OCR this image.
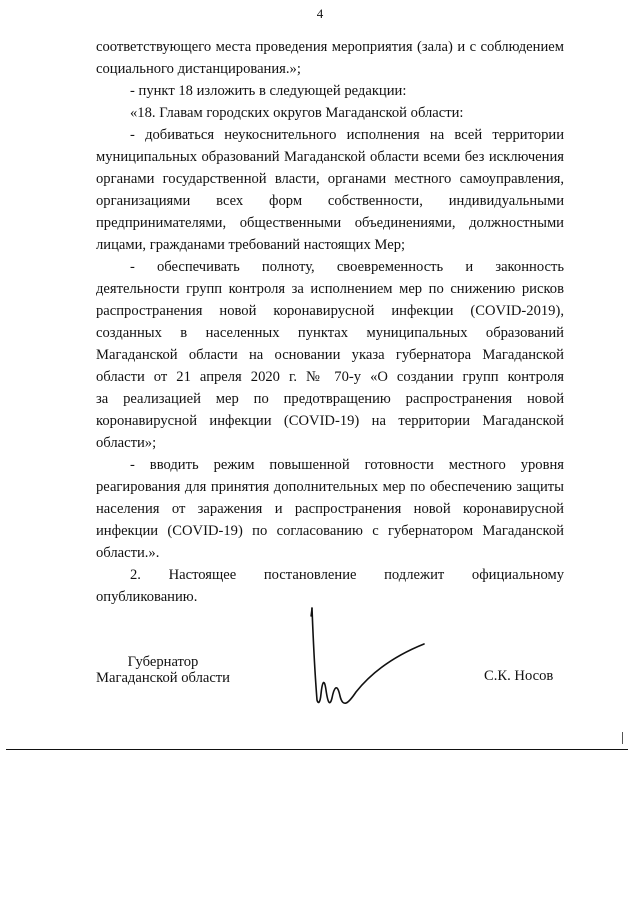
4

соответствующего места проведения мероприятия (зала) и с соблюдением

социального дистанцирования.»;

- пункт 18 изложить в следующей редакции:

«18. Главам городских округов Магаданской области:

- добиваться неукоснительного исполнения на всей территории

муниципальных образований Магаданской области всеми без исключения

органами государственной власти, органами местного самоуправления,

организациями всех форм собственности, индивидуальными

предпринимателями, общественными объединениями, должностными

лицами, гражданами требований настоящих Мер;

- обеспечивать полноту, своевременность и законность

деятельности групп контроля за исполнением мер по снижению рисков

распространения новой коронавирусной инфекции (COVID-2019),

созданных в населенных пунктах муниципальных образований

Магаданской области на основании указа губернатора Магаданской

области от 21 апреля 2020 г. № 70-у «О создании групп контроля

за реализацией мер по предотвращению распространения новой

коронавирусной инфекции (COVID-19) на территории Магаданской

области»;

- вводить режим повышенной готовности местного уровня

реагирования для принятия дополнительных мер по обеспечению защиты

населения от заражения и распространения новой коронавирусной

инфекции (COVID-19) по согласованию с губернатором Магаданской

области.».

2. Настоящее постановление подлежит официальному

опубликованию.

Губернатор
Магаданской области	С.К. Носов
